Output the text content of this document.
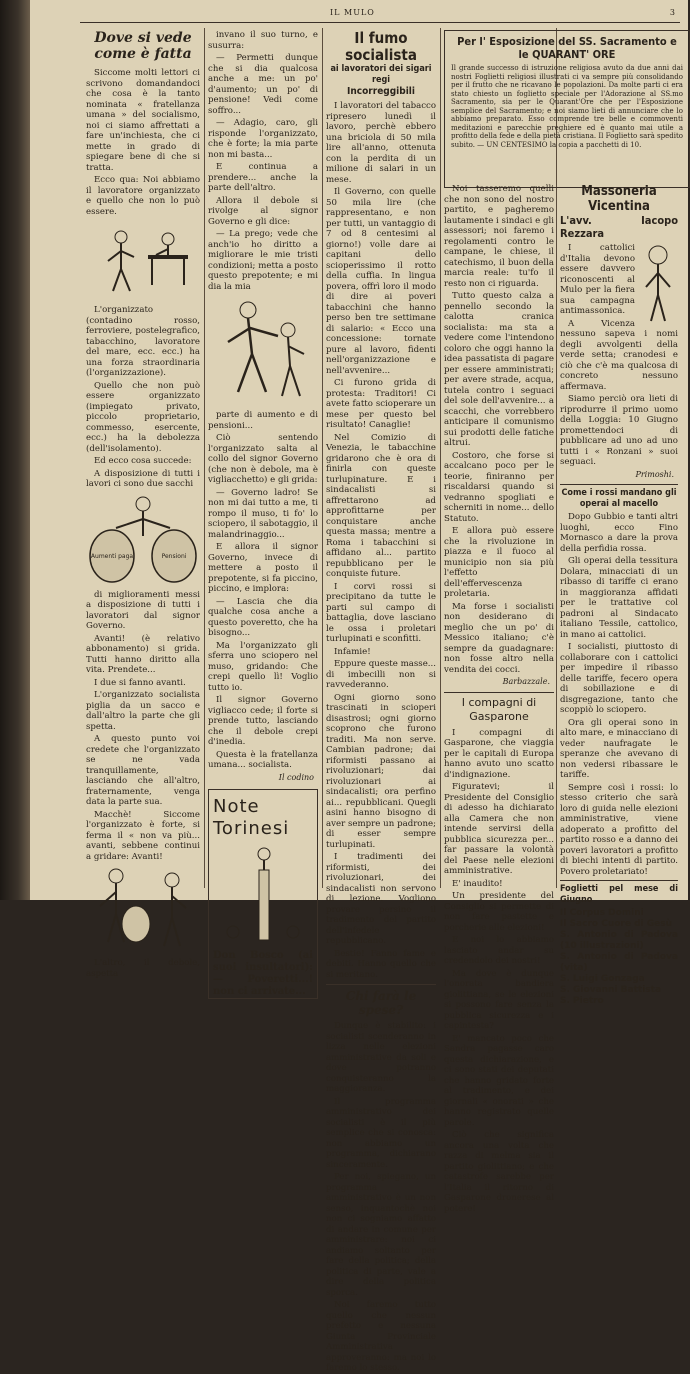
IL MULO	3
Dove si vede come è fatta

Siccome molti lettori ci scrivono domandandoci che cosa è la tanto nominata « fratellanza umana » del socialismo, noi ci siamo affrettati a fare un'inchiesta, che ci mette in grado di spiegare bene di che si tratta.

Ecco qua: Noi abbiamo il lavoratore organizzato e quello che non lo può essere.

L'organizzato (contadino rosso, ferroviere, postelegrafico, tabacchino, lavoratore del mare, ecc. ecc.) ha una forza straordinaria (l'organizzazione).

Quello che non può essere organizzato (impiegato privato, piccolo proprietario, commesso, esercente, ecc.) ha la debolezza (dell'isolamento).

Ed ecco cosa succede:

A disposizione di tutti i lavori ci sono due sacchi

Aumenti paga	Pensioni

di miglioramenti messi a disposizione di tutti i lavoratori dal signor Governo.

Avanti! (è relativo abbonamento) si grida. Tutti hanno diritto alla vita. Prendete...

I due si fanno avanti.

L'organizzato socialista piglia da un sacco e dall'altro la parte che gli spetta.

A questo punto voi credete che l'organizzato se ne vada tranquillamente, lasciando che all'altro, fraternamente, venga data la parte sua.

Macchè! Siccome l'organizzato è forte, si ferma il « non va più... avanti, sebbene continui a gridare: Avanti!

L'altro, il debole, aspetta

invano il suo turno, e susurra:

— Permetti dunque che si dia qualcosa anche a me: un po' d'aumento; un po' di pensione! Vedi come soffro...

— Adagio, caro, gli risponde l'organizzato, che è forte; la mia parte non mi basta...

E continua a prendere... anche la parte dell'altro.

Allora il debole si rivolge al signor Governo e gli dice:

— La prego; vede che anch'io ho diritto a migliorare le mie tristi condizioni; metta a posto questo prepotente; e mi dia la mia

parte di aumento e di pensioni...

Ciò sentendo l'organizzato salta al collo del signor Governo (che non è debole, ma è vigliacchetto) e gli grida:

— Governo ladro! Se non mi dai tutto a me, ti rompo il muso, ti fo' lo sciopero, il sabotaggio, il malandrinaggio...

E allora il signor Governo, invece di mettere a posto il prepotente, si fa piccino, piccino, e implora:

— Lascia che dia qualche cosa anche a questo poveretto, che ha bisogno...

Ma l'organizzato gli sferra uno sciopero nel muso, gridando: Che crepi quello lì! Voglio tutto io.

Il signor Governo vigliacco cede; il forte si prende tutto, lasciando che il debole crepi d'inedia.

Questa è la fratellanza umana... socialista.

Il codino
Note Torinesi
Don Bosco (ai suoi insultatori): — Poveretti...! non ci arrivate...
Il fumo socialista
ai lavoratori dei sigari regi
Incorreggibili

I lavoratori del tabacco ripresero lunedì il lavoro, perchè ebbero una briciola di 50 mila lire all'anno, ottenuta con la perdita di un milione di salari in un mese.

Il Governo, con quelle 50 mila lire (che rappresentano, e non per tutti, un vantaggio di 7 od 8 centesimi al giorno!) volle dare ai capitani dello scioperissimo il rotto della cuffia. In lingua povera, offrì loro il modo di dire ai poveri tabacchini che hanno perso ben tre settimane di salario: « Ecco una concessione: tornate pure al lavoro, fidenti nell'organizzazione e nell'avvenire...

Ci furono grida di protesta: Traditori! Ci avete fatto scioperare un mese per questo bel risultato! Canaglie!

Nel Comizio di Venezia, le tabacchine gridarono che è ora di finirla con queste turlupinature. E i sindacalisti si affrettarono ad approfittarne per conquistare anche questa massa; mentre a Roma i tabacchini si affidano al... partito repubblicano per le conquiste future.

I corvi rossi si precipitano da tutte le parti sul campo di battaglia, dove lasciano le ossa i proletari turlupinati e sconfitti.

Infamie!

Eppure queste masse... di imbecilli non si ravvederanno.

Ogni giorno sono trascinati in scioperi disastrosi; ogni giorno scoprono che furono traditi. Ma non serve. Cambian padrone; dai riformisti passano ai rivoluzionari; dai rivoluzionari ai sindacalisti; ora perfino ai... repubblicani. Quegli asini hanno bisogno di aver sempre un padrone; di esser sempre turlupinati.

I tradimenti dei riformisti, dei rivoluzionari, dei sindacalisti non servono di lezione. Vogliono provare persino il tradimento del partito dell'infedele repubblicano.

Bestie! Fanno fame e debiti. Hanno quello che si meritano.

Chi farà le spese?

Dunque è stabilito: i socialisti scenderanno in lizza nelle elezioni amministrative da soli e dove potranno conquisteranno la maggioranza.

Il programma amministrativo dei socialisti è il più semplice che si conosca: non abbiamo un programma, dichiarano sinceramente.

Per noi, spiegano, un programma amministrativo è un non senso, inquantochè noi non ci sogniamo affatto di andare in comune per amministrare: noi ci andiamo soltanto per fare della politica; della politica di parte, vale a dire della politica sporca.

Noi faremo tutto quello che nessun prefetto e nessuna Giunta Provinciale Amministrativa approveranno: ma noi lo faremo lo stesso.

Per l' Esposizione del SS. Sacramento e le QUARANT' ORE
Il grande successo di istruzione religiosa avuto da due anni dai nostri Foglietti religiosi illustrati ci va sempre più consolidando per il frutto che ne ricavano le popolazioni. Da molte parti ci era stato chiesto un foglietto speciale per l'Adorazione al SS.mo Sacramento, sia per le Quarant'Ore che per l'Esposizione semplice del Sacramento; e noi siamo lieti di annunciare che lo abbiamo preparato. Esso comprende tre belle e commoventi meditazioni e parecchie preghiere ed è quanto mai utile a profitto della fede e della pietà cristiana. Il Foglietto sarà spedito subito. — UN CENTESIMO la copia a pacchetti di 10.

Noi tasseremo quelli che non sono del nostro partito, e pagheremo lautamente i sindaci e gli assessori; noi faremo i regolamenti contro le campane, le chiese, il catechismo, il buon della marcia reale: tu'fo il resto non ci riguarda.

Tutto questo calza a pennello secondo la calotta cranica socialista: ma sta a vedere come l'intendono coloro che oggi hanno la idea passatista di pagare per essere amministrati; per avere strade, acqua, tutela contro i seguaci del sole dell'avvenire... a scacchi, che vorrebbero anticipare il comunismo sui prodotti delle fatiche altrui.

Costoro, che forse si accalcano poco per le teorie, finiranno per riscaldarsi quando si vedranno spogliati e scherniti in nome... dello Statuto.

E allora può essere che la rivoluzione in piazza e il fuoco al municipio non sia più l'effetto dell'effervescenza proletaria.

Ma forse i socialisti non desiderano di meglio che un po' di Messico italiano; c'è sempre da guadagnare: non fosse altro nella vendita dei cocci.

Barbazzale.
I compagni di Gasparone

I compagni di Gasparone, che viaggia per le capitali di Europa hanno avuto uno scatto d'indignazione.

Figuratevi; il Presidente del Consiglio di adesso ha dichiarato alla Camera che non intende servirsi della pubblica sicurezza per... far passare la volontà del Paese nelle elezioni amministrative.

E' inaudito!

Un presidente del Consiglio si permette di non fare pastette e porcherie alle elezioni!

E noi lo abbiamo lasciato andar su credendolo dei nostri!

Ma dove è dunque l'onorata bandiera giolittiana, se le elezioni si possono fare senza la pubblica sicurezza e i capintesta?

E' mancato poco che Sandra pagasse caro questa dichiarazione, e ci sono stati dei deputati che hanno gridato forte al tradimento, e dei giornali « onorati » che hanno registrato quelle parole.

Ciò che significa ancora una volta che razza di melma sia il partito giolittiano; e che catastrofe sarebbe per l'Italia il ritorno di Gasparone dronerese al potere!

Massoneria Vicentina
L'avv. Iacopo Rezzara

I cattolici d'Italia devono essere davvero riconoscenti al Mulo per la fiera sua campagna antimassonica.

A Vicenza nessuno sapeva i nomi degli avvolgenti della verde setta; cranodesi e ciò che c'è ma qualcosa di concreto nessuno affermava.

Siamo perciò ora lieti di riprodurre il primo uomo della Loggia: 10 Giugno promettendoci di pubblicare ad uno ad uno tutti i « Ronzani » suoi seguaci.

Primoshi.
Come i rossi mandano gli operai al macello

Dopo Gubbio e tanti altri luoghi, ecco Fino Mornasco a dare la prova della perfidia rossa.

Gli operai della tessitura Dolara, minacciati di un ribasso di tariffe ci erano in maggioranza affidati per le trattative col padroni al Sindacato italiano Tessile, cattolico, in mano ai cattolici.

I socialisti, piuttosto di collaborare con i cattolici per impedire il ribasso delle tariffe, fecero opera di sobillazione e di disgregazione, tanto che scoppiò lo sciopero.

Ora gli operai sono in alto mare, e minacciano di veder naufragate le speranze che avevano di non vedersi ribassare le tariffe.

Sempre così i rossi: lo stesso criterio che sarà loro di guida nelle elezioni amministrative, viene adoperato a profitto del partito rosso e a danno dei poveri lavoratori a profitto di biechi intenti di partito. Povero proletariato!

Foglietti pel mese di Giugno
Il Corpus Domini
Il Sacro Cuore di Gesù
S. Antonio di Padova (10 illustrazioni)
S. Antonio di Padova (vita)
S. Luigi Gonzaga
S. Giovanni Battista
S. Pietro
